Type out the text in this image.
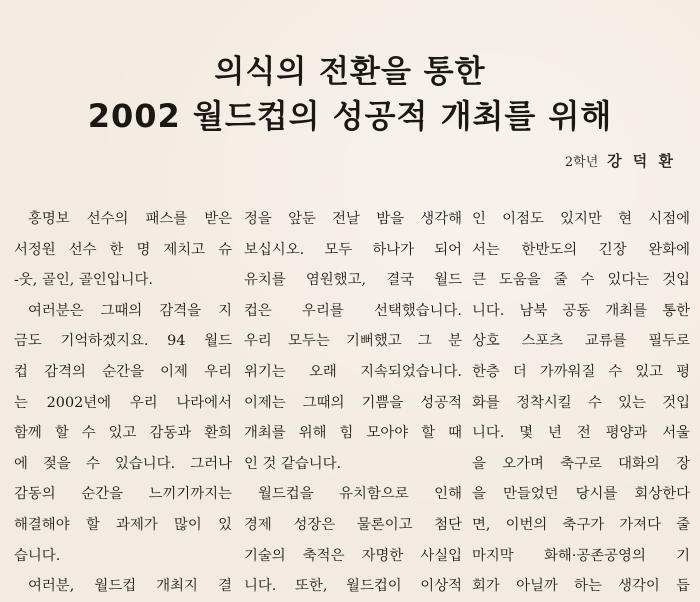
의식의 전환을 통한
2002 월드컵의 성공적 개최를 위해
2학년 강 덕 환
홍명보 선수의 패스를 받은
서정원 선수 한 명 제치고 슈
-웃, 골인, 골인입니다.
여러분은 그때의 감격을 지
금도 기억하겠지요. 94 월드
컵 감격의 순간을 이제 우리
는 2002년에 우리 나라에서
함께 할 수 있고 감동과 환희
에 젖을 수 있습니다. 그러나
감동의 순간을 느끼기까지는
해결해야 할 과제가 많이 있
습니다.
여러분, 월드컵 개최지 결
정을 앞둔 전날 밤을 생각해
보십시오. 모두 하나가 되어
유치를 염원했고, 결국 월드
컵은 우리를 선택했습니다.
우리 모두는 기뻐했고 그 분
위기는 오래 지속되었습니다.
이제는 그때의 기쁨을 성공적
개최를 위해 힘 모아야 할 때
인 것 같습니다.
월드컵을 유치함으로 인해
경제 성장은 물론이고 첨단
기술의 축적은 자명한 사실입
니다. 또한, 월드컵이 이상적
인 이점도 있지만 현 시점에
서는 한반도의 긴장 완화에
큰 도움을 줄 수 있다는 것입
니다. 남북 공동 개최를 통한
상호 스포츠 교류를 필두로
한층 더 가까워질 수 있고 평
화를 정착시킬 수 있는 것입
니다. 몇 년 전 평양과 서울
을 오가며 축구로 대화의 장
을 만들었던 당시를 회상한다
면, 이번의 축구가 가져다 줄
마지막 화해·공존공영의 기
회가 아닐까 하는 생각이 듭
